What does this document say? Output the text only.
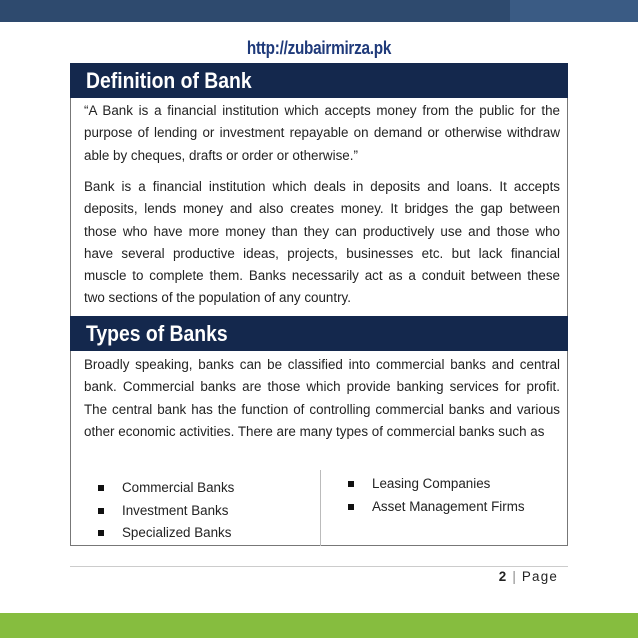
http://zubairmirza.pk
Definition of Bank
“A Bank is a financial institution which accepts money from the public for the purpose of lending or investment repayable on demand or otherwise withdraw able by cheques, drafts or order or otherwise.”
Bank is a financial institution which deals in deposits and loans. It accepts deposits, lends money and also creates money. It bridges the gap between those who have more money than they can productively use and those who have several productive ideas, projects, businesses etc. but lack financial muscle to complete them. Banks necessarily act as a conduit between these two sections of the population of any country.
Types of Banks
Broadly speaking, banks can be classified into commercial banks and central bank. Commercial banks are those which provide banking services for profit. The central bank has the function of controlling commercial banks and various other economic activities. There are many types of commercial banks such as
Commercial Banks
Investment Banks
Specialized Banks
Leasing Companies
Asset Management Firms
2 | Page
